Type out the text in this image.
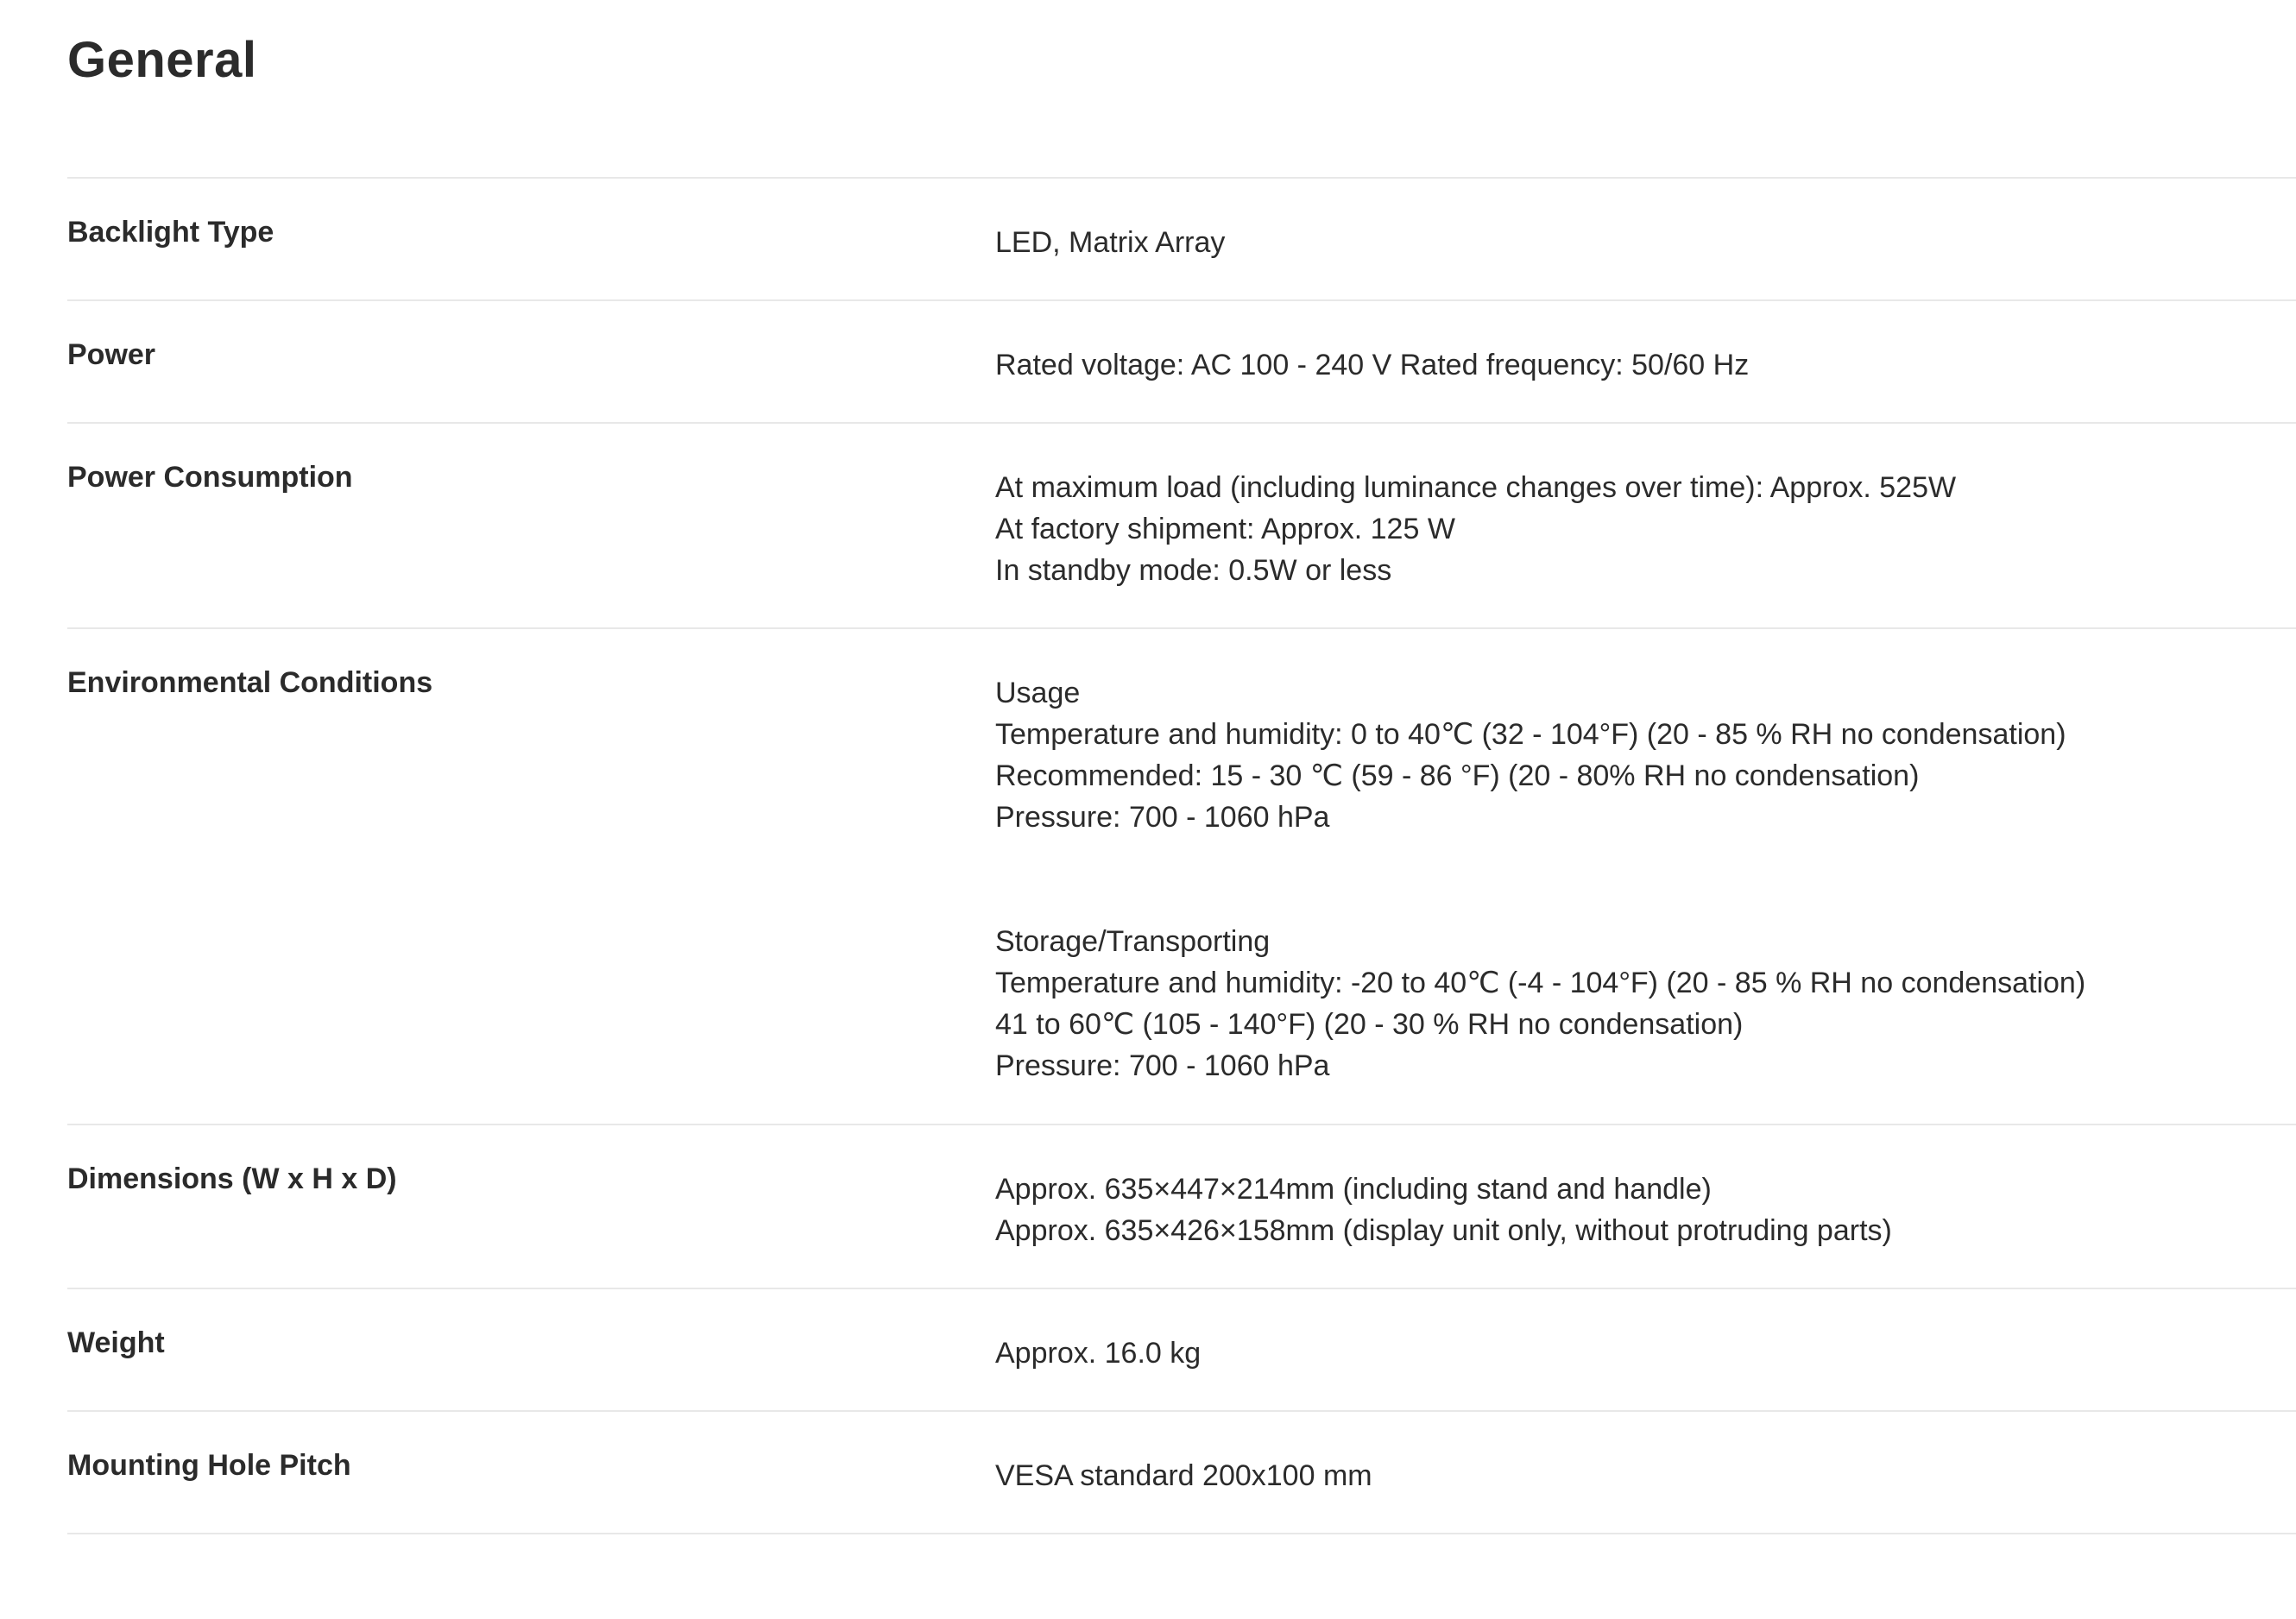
General
Backlight Type	LED, Matrix Array
Power	Rated voltage: AC 100 - 240 V Rated frequency: 50/60 Hz
Power Consumption	At maximum load (including luminance changes over time): Approx. 525W
At factory shipment: Approx. 125 W
In standby mode: 0.5W or less
Environmental Conditions	Usage
Temperature and humidity: 0 to 40℃ (32 - 104°F) (20 - 85 % RH no condensation)
Recommended: 15 - 30 ℃ (59 - 86 °F) (20 - 80% RH no condensation)
Pressure: 700 - 1060 hPa
Storage/Transporting
Temperature and humidity: -20 to 40℃ (-4 - 104°F) (20 - 85 % RH no condensation)
41 to 60℃ (105 - 140°F) (20 - 30 % RH no condensation)
Pressure: 700 - 1060 hPa
Dimensions (W x H x D)	Approx. 635×447×214mm (including stand and handle)
Approx. 635×426×158mm (display unit only, without protruding parts)
Weight	Approx. 16.0 kg
Mounting Hole Pitch	VESA standard 200x100 mm
